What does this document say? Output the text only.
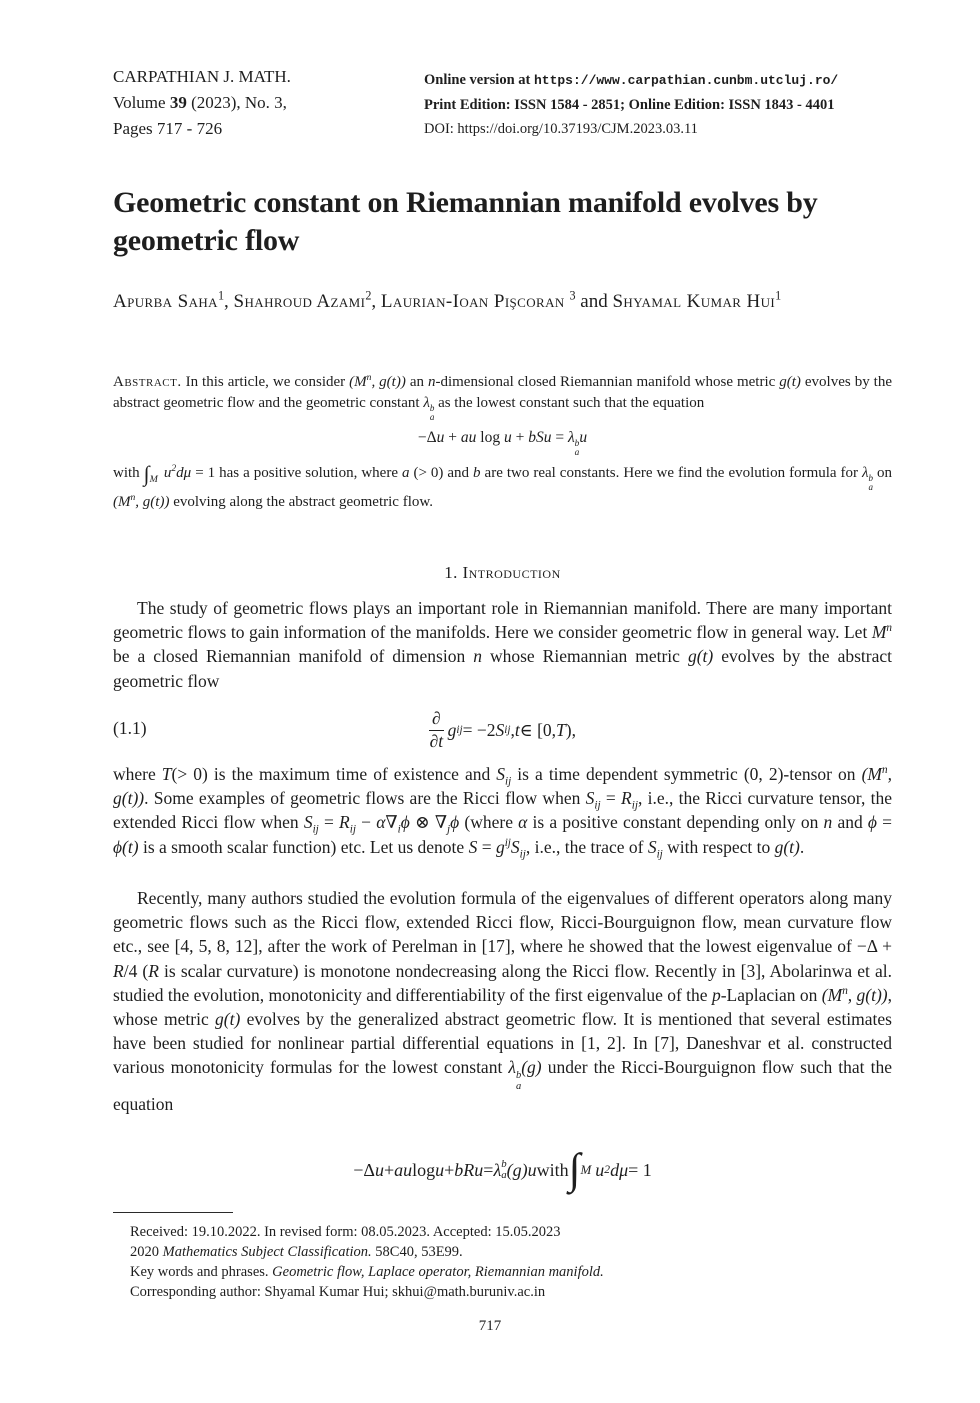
CARPATHIAN J. MATH.
Volume 39 (2023), No. 3,
Pages 717 - 726
Online version at https://www.carpathian.cunbm.utcluj.ro/
Print Edition: ISSN 1584 - 2851; Online Edition: ISSN 1843 - 4401
DOI: https://doi.org/10.37193/CJM.2023.03.11
Geometric constant on Riemannian manifold evolves by geometric flow
Apurba Saha$^1$, Shahroud Azami$^2$, Laurian-Ioan Pişcoran $^3$ and Shyamal Kumar Hui$^1$
Abstract. In this article, we consider ($M^n$, g(t)) an n-dimensional closed Riemannian manifold whose metric g(t) evolves by the abstract geometric flow and the geometric constant λ b
a
as the lowest constant such that the equation
−Δu + au log u + bSu = λ b
a
u
with $\int_M$ $u^2d\mu = 1$ has a positive solution, where a (> 0) and b are two real constants. Here we find the evolution formula for λ b
a
on ($M^n$, g(t)) evolving along the abstract geometric flow.
1. Introduction

The study of geometric flows plays an important role in Riemannian manifold. There are many important geometric flows to gain information of the manifolds. Here we consider geometric flow in general way. Let $M^n$ be a closed Riemannian manifold of dimension n whose Riemannian metric g(t) evolves by the abstract geometric flow

(1.1)	$\frac{\partial}{\partial t}$ g ij = −2 S ij , t ∈ [0, T ),

where T(> 0) is the maximum time of existence and $S_{ij}$ is a time dependent symmetric (0, 2)-tensor on ($M^n$, g(t)). Some examples of geometric flows are the Ricci flow when $S_{ij} = R_{ij}$, i.e., the Ricci curvature tensor, the extended Ricci flow when $S_{ij} = R_{ij} - \alpha\nabla_i\phi$ ⊗ $\nabla_j\phi$ (where α is a positive constant depending only on n and ϕ = ϕ(t) is a smooth scalar function) etc. Let us denote $S = g^{ij}S_{ij}$, i.e., the trace of $S_{ij}$ with respect to g(t).

Recently, many authors studied the evolution formula of the eigenvalues of different operators along many geometric flows such as the Ricci flow, extended Ricci flow, Ricci-Bourguignon flow, mean curvature flow etc., see [4, 5, 8, 12], after the work of Perelman in [17], where he showed that the lowest eigenvalue of −Δ + R/4 (R is scalar curvature) is monotone nondecreasing along the Ricci flow. Recently in [3], Abolarinwa et al. studied the evolution, monotonicity and differentiability of the first eigenvalue of the p-Laplacian on ($M^n$, g(t)), whose metric g(t) evolves by the generalized abstract geometric flow. It is mentioned that several estimates have been studied for nonlinear partial differential equations in [1, 2]. In [7], Daneshvar et al. constructed various monotonicity formulas for the lowest constant λ b
a
(g) under the Ricci-Bourguignon flow such that the equation

−Δ u + au log u + bRu = λ b
a (g)u with ∫ M u 2 dμ = 1
Received: 19.10.2022. In revised form: 08.05.2023. Accepted: 15.05.2023
2020 Mathematics Subject Classification. 58C40, 53E99.
Key words and phrases. Geometric flow, Laplace operator, Riemannian manifold.
Corresponding author: Shyamal Kumar Hui; skhui@math.buruniv.ac.in
717
